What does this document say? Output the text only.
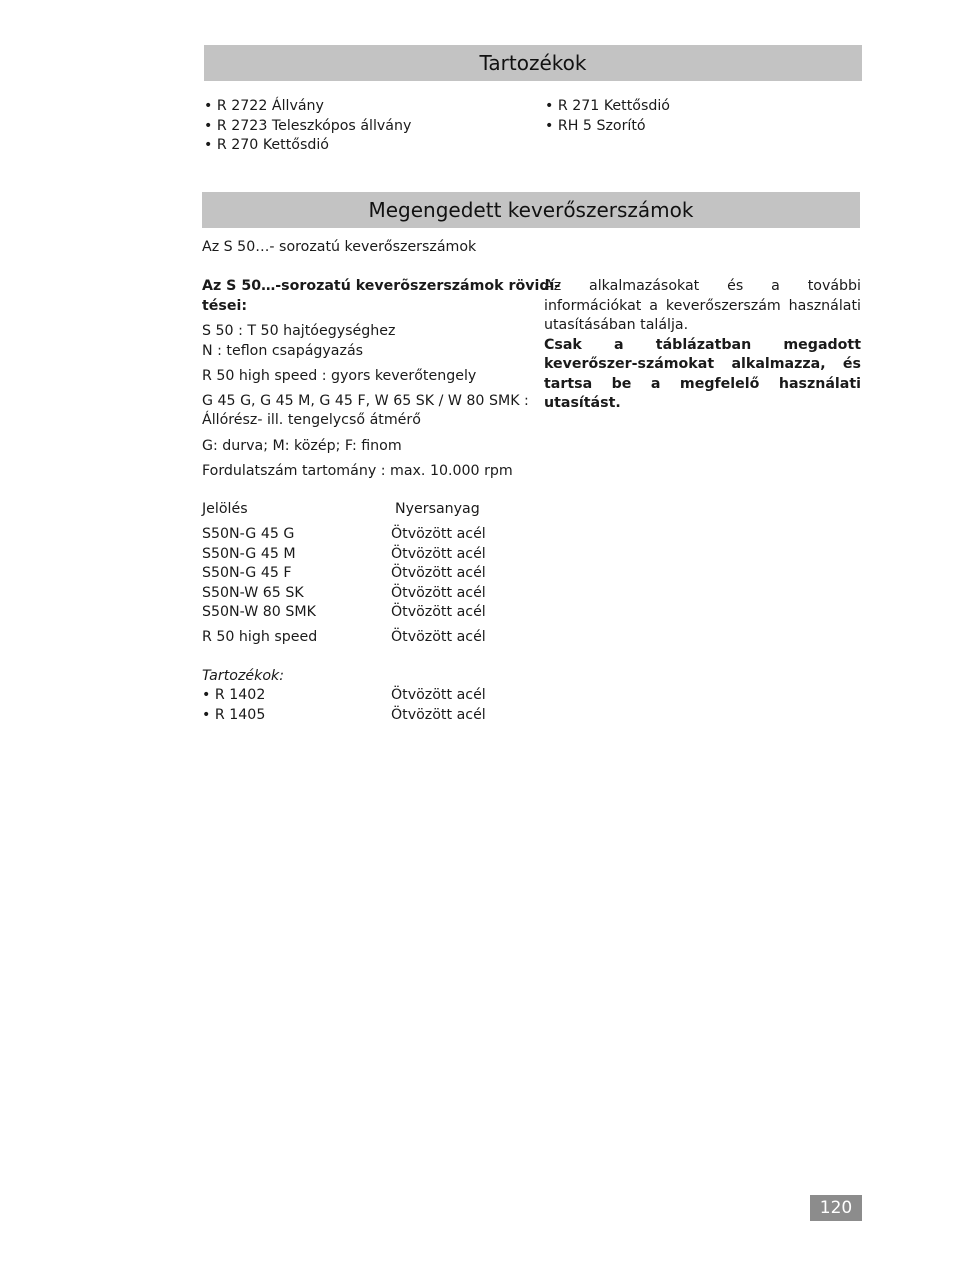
Tartozékok
• R 2722 Állvány
• R 2723 Teleszkópos állvány
• R 270 Kettősdió
• R 271 Kettősdió
• RH 5 Szorító
Megengedett keverőszerszámok
Az S 50…- sorozatú keverőszerszámok
Az S 50…-sorozatú keverõszerszámok rövidí-
tései:
S 50 : T 50 hajtóegységhez
N : teflon csapágyazás
R 50 high speed : gyors keverőtengely
G 45 G, G 45 M, G 45 F, W 65 SK / W 80 SMK :
Állórész- ill. tengelycső átmérő
G: durva; M: közép; F: finom
Fordulatszám tartomány : max. 10.000 rpm
Jelölés	Nyersanyag
S50N-G 45 G	Ötvözött acél
S50N-G 45 M	Ötvözött acél
S50N-G 45 F	Ötvözött acél
S50N-W 65 SK	Ötvözött acél
S50N-W 80 SMK	Ötvözött acél
R 50 high speed	Ötvözött acél
Tartozékok:
• R 1402	Ötvözött acél
• R 1405	Ötvözött acél
Az alkalmazásokat és a további információkat a keverőszerszám használati utasításában találja.
Csak a táblázatban megadott keverőszer-számokat alkalmazza, és tartsa be a megfelelő használati utasítást.
120
